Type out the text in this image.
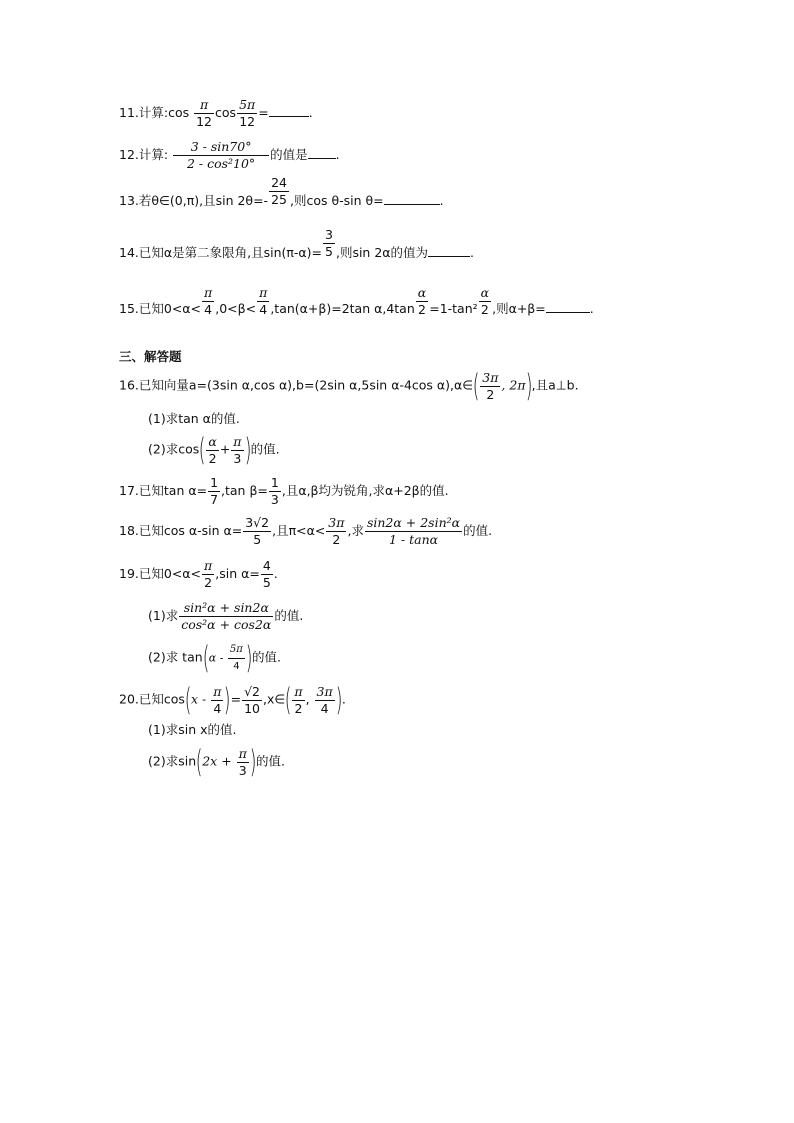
11.计算:cos $\frac{\pi}{12}$ $\cos \frac{5\pi}{12}$ =	.
12.计算: $\frac{3 - \sin 70^\circ}{\text{2 - cos²10°}}$ 的值是 .
13.若θ∈(0,π),且$\sin 2\theta=- \frac{24}{25}$ ,则cos θ-sin θ=	.
14.已知α是第二象限角,且$\sin(\pi-\alpha)= \frac{3}{5}$ ,则sin 2α的值为	.
15.已知$0<\alpha< \frac{\pi}{4} ,0<\beta< \frac{\pi}{4} ,\tan(\alpha+\beta)=2\tan$ $\alpha,4\tan \frac{\alpha}{2} =1-\tan^2 \frac{\alpha}{2}$ ,则α+β=	.
三、解答题
16.已知向量a=(3sin α,cos α),b=(2sin α,5sin α-4cos α),α∈( $\frac{3\pi}{2}$ , 2π),且a⊥b.
(1)求tan α的值.
(2)求$\cos( \frac{\alpha}{2} + \frac{\pi}{3}$ )的值.
17.已知$\tan \alpha= \frac{1}{7} ,\tan$ $\beta= \frac{1}{3}$ ,且α,β均为锐角,求α+2β的值.
18.已知cos α-sin $\alpha= \frac{3√2}{5}$ ,且$\pi<\alpha< \frac{3\pi}{2}$ ,求 $\frac{\text{sin2α + 2sin²α}}{1 - \tan\alpha}$ 的值.
19.已知$0<\alpha< \frac{\pi}{2} ,\sin$ $\alpha= \frac{4}{5}$ .
(1)求 $\frac{\text{sin²α + sin2α}}{\text{cos²α + cos2α}}$ 的值.
(2)求 $\tan(\alpha - \frac{5\pi}{4}$ )的值.
20.已知$\cos(x - \frac{\pi}{4}$ )= $\frac{√2}{10}$ ,x∈( $\frac{\pi}{2}$ , $\frac{3\pi}{4}$ ).
(1)求sin x的值.
(2)求$\sin(2x + \frac{\pi}{3}$ )的值.
